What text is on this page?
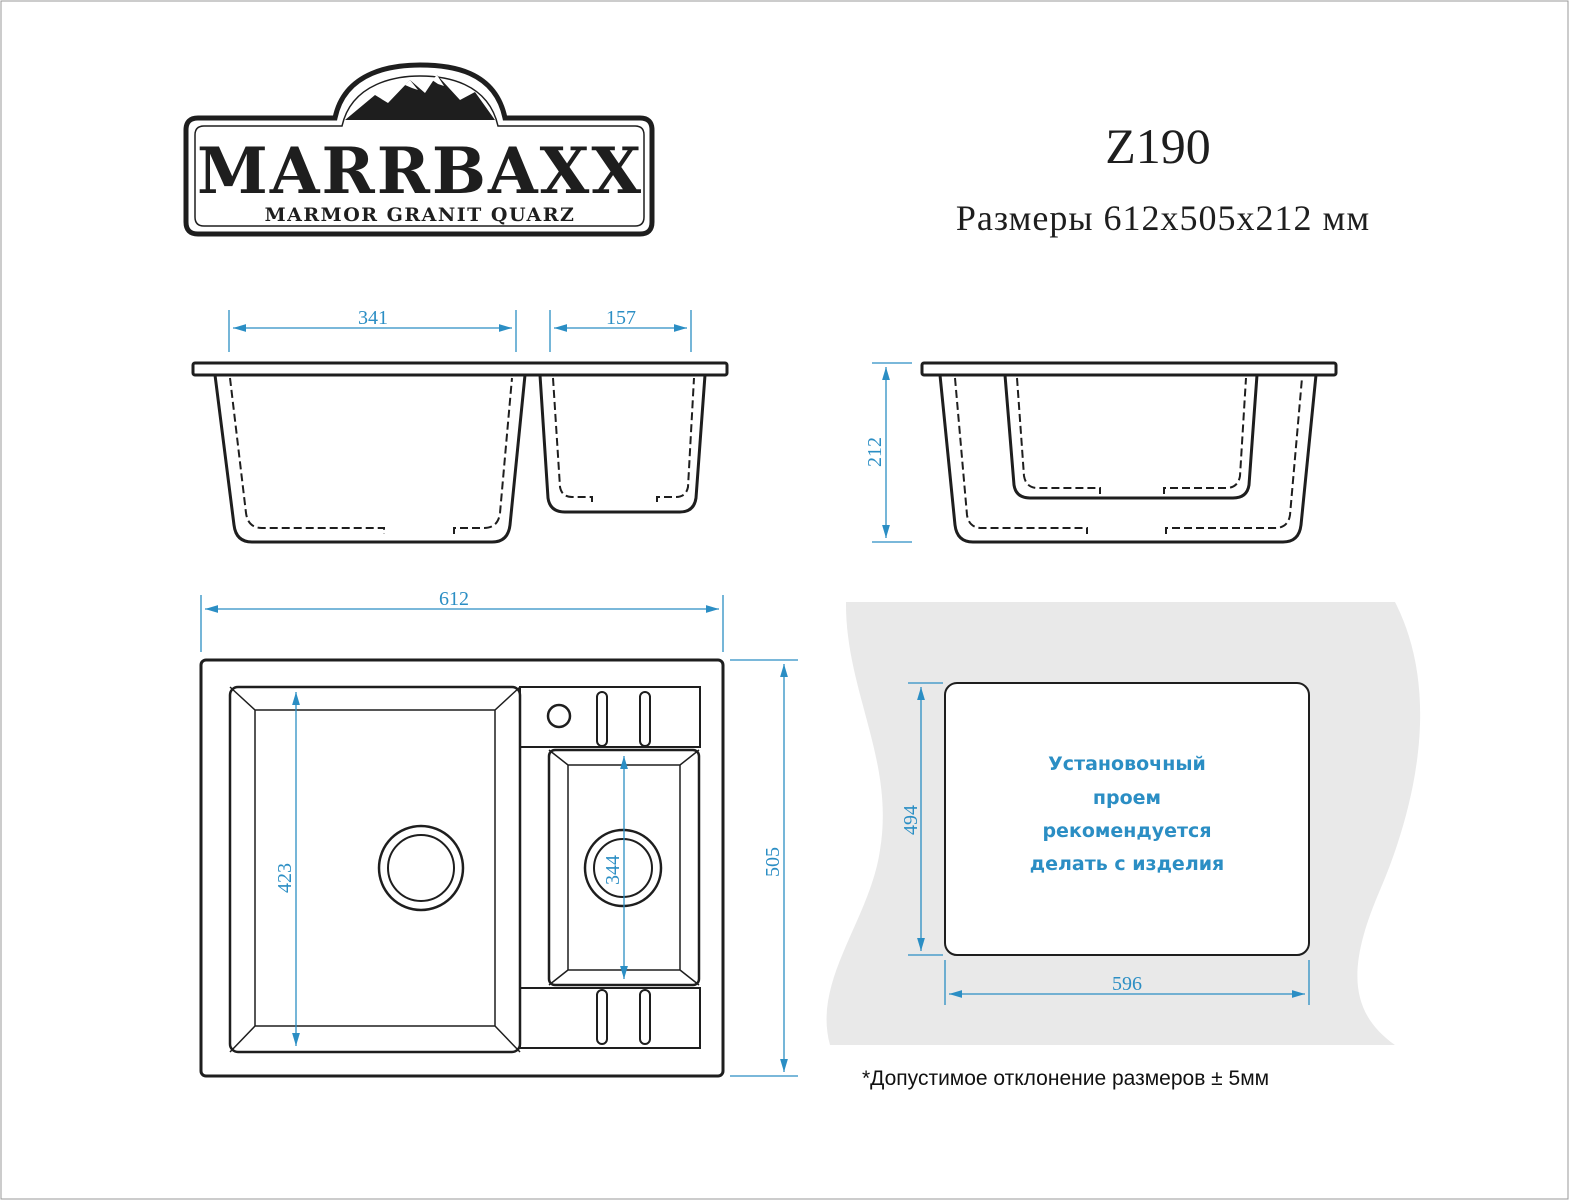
MARRBAXX
MARMOR GRANIT QUARZ
Z190
Размеры 612x505x212 мм
341	157
212
612
505
423	344
494
596
Установочный
проем
рекомендуется
делать с изделия
*Допустимое отклонение размеров ± 5мм
